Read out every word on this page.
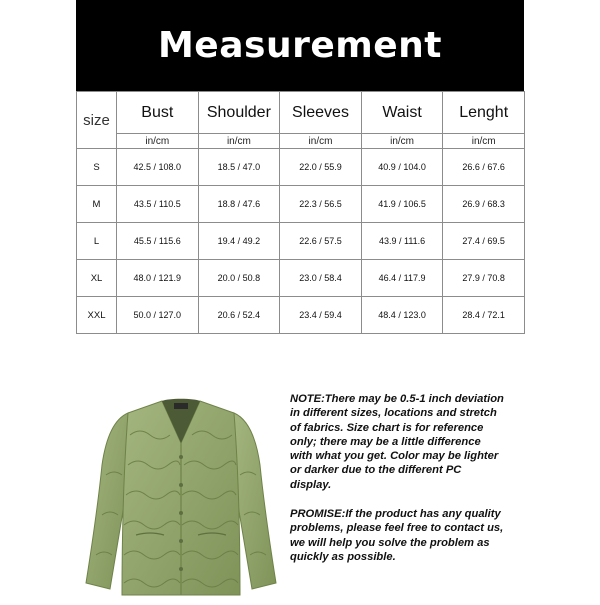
Measurement
size	Bust	Shoulder	Sleeves	Waist	Lenght
	in/cm	in/cm	in/cm	in/cm	in/cm
S	42.5 / 108.0	18.5 / 47.0	22.0 / 55.9	40.9 / 104.0	26.6 / 67.6
M	43.5 / 110.5	18.8 / 47.6	22.3 / 56.5	41.9 / 106.5	26.9 / 68.3
L	45.5 / 115.6	19.4 / 49.2	22.6 / 57.5	43.9 / 111.6	27.4 / 69.5
XL	48.0 / 121.9	20.0 / 50.8	23.0 / 58.4	46.4 / 117.9	27.9 / 70.8
XXL	50.0 / 127.0	20.6 / 52.4	23.4 / 59.4	48.4 / 123.0	28.4 / 72.1
NOTE:There may be 0.5-1 inch deviation in different sizes, locations and stretch of fabrics. Size chart is for reference only; there may be a little difference with what you get. Color may be lighter or darker due to the different PC display.
PROMISE:If the product has any quality problems, please feel free to contact us, we will help you solve the problem as quickly as possible.
